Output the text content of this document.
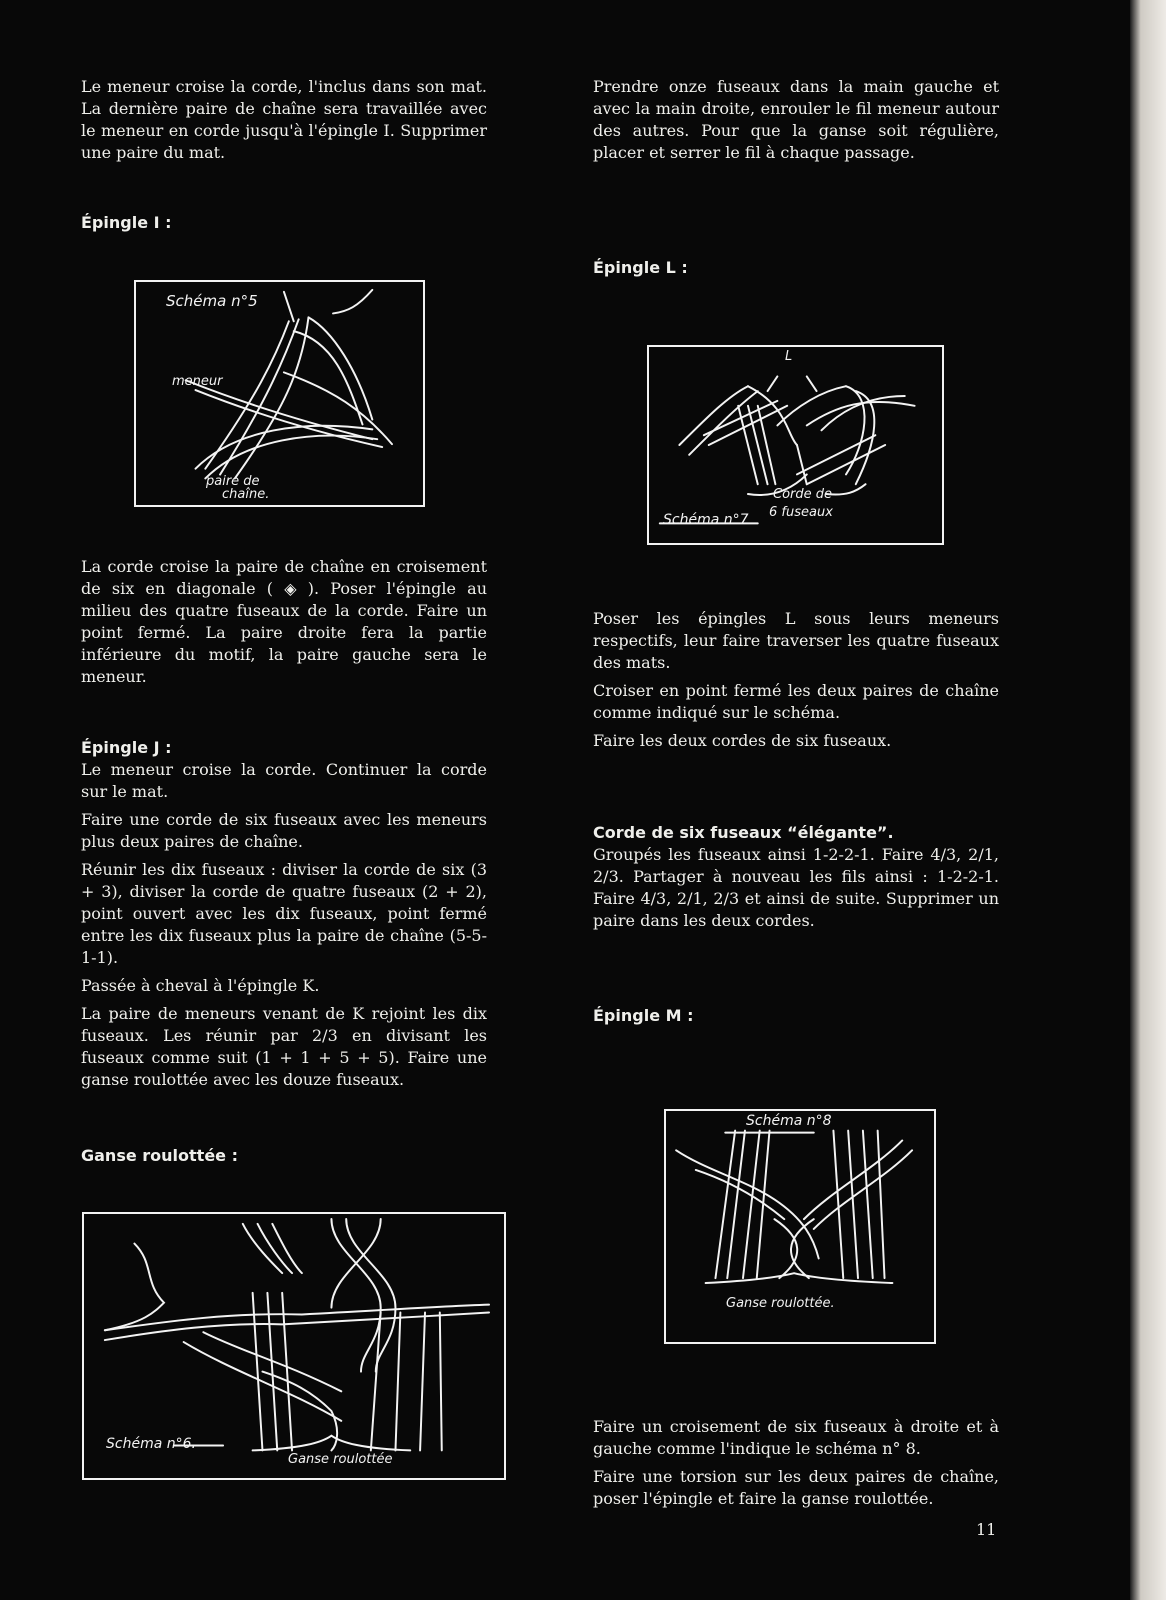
Le meneur croise la corde, l'inclus dans son mat. La dernière paire de chaîne sera travaillée avec le meneur en corde jusqu'à l'épingle I. Supprimer une paire du mat.

Épingle I :
Schéma n°5
meneur
paire de
chaîne.

La corde croise la paire de chaîne en croisement de six en diagonale ( ◈ ). Poser l'épingle au milieu des quatre fuseaux de la corde. Faire un point fermé. La paire droite fera la partie inférieure du motif, la paire gauche sera le meneur.

Épingle J :

Le meneur croise la corde. Continuer la corde sur le mat.

Faire une corde de six fuseaux avec les meneurs plus deux paires de chaîne.

Réunir les dix fuseaux : diviser la corde de six (3 + 3), diviser la corde de quatre fuseaux (2 + 2), point ouvert avec les dix fuseaux, point fermé entre les dix fuseaux plus la paire de chaîne (5-5-1-1).

Passée à cheval à l'épingle K.

La paire de meneurs venant de K rejoint les dix fuseaux. Les réunir par 2/3 en divisant les fuseaux comme suit (1 + 1 + 5 + 5). Faire une ganse roulottée avec les douze fuseaux.

Ganse roulottée :
Schéma n°6.
Ganse roulottée

Prendre onze fuseaux dans la main gauche et avec la main droite, enrouler le fil meneur autour des autres. Pour que la ganse soit régulière, placer et serrer le fil à chaque passage.

Épingle L :
L
Corde de
6 fuseaux
Schéma n°7

Poser les épingles L sous leurs meneurs respectifs, leur faire traverser les quatre fuseaux des mats.

Croiser en point fermé les deux paires de chaîne comme indiqué sur le schéma.

Faire les deux cordes de six fuseaux.

Corde de six fuseaux “élégante”.

Groupés les fuseaux ainsi 1-2-2-1. Faire 4/3, 2/1, 2/3. Partager à nouveau les fils ainsi : 1-2-2-1. Faire 4/3, 2/1, 2/3 et ainsi de suite. Supprimer un paire dans les deux cordes.

Épingle M :
Schéma n°8
Ganse roulottée.

Faire un croisement de six fuseaux à droite et à gauche comme l'indique le schéma n° 8.

Faire une torsion sur les deux paires de chaîne, poser l'épingle et faire la ganse roulottée.

11
